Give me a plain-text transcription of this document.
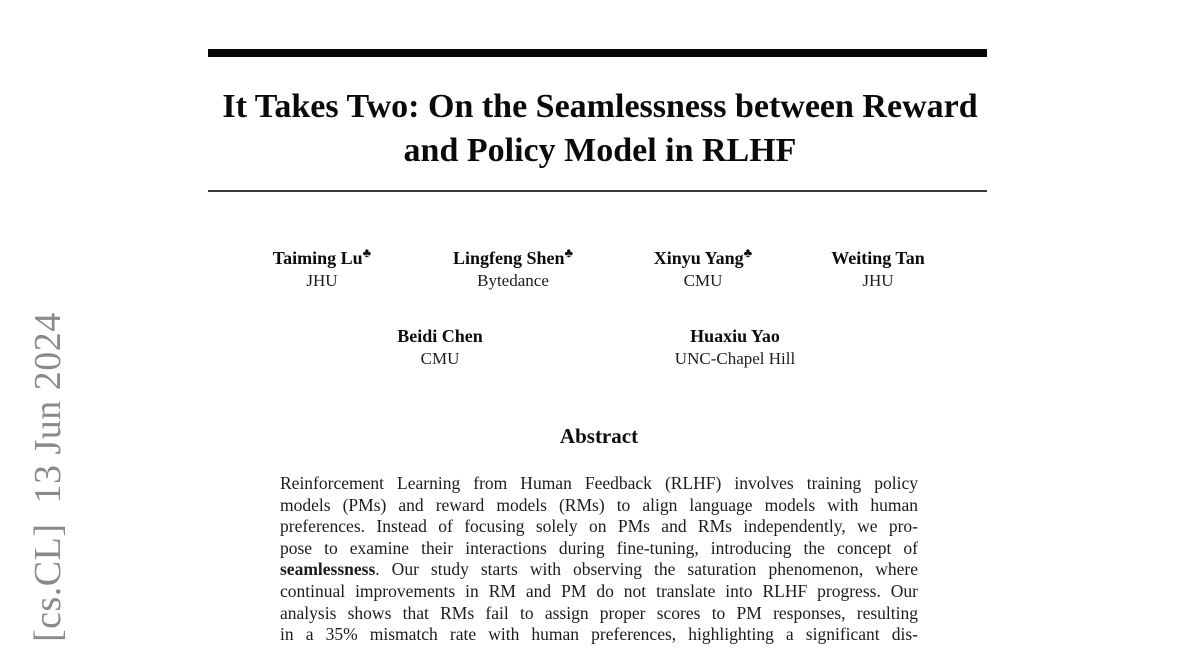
[cs.CL]  13 Jun 2024
It Takes Two: On the Seamlessness between Reward
and Policy Model in RLHF
Taiming Lu♣
JHU
Lingfeng Shen♣
Bytedance
Xinyu Yang♣
CMU
Weiting Tan
JHU
Beidi Chen
CMU
Huaxiu Yao
UNC-Chapel Hill
Abstract
Reinforcement Learning from Human Feedback (RLHF) involves training policy
models (PMs) and reward models (RMs) to align language models with human
preferences. Instead of focusing solely on PMs and RMs independently, we pro-
pose to examine their interactions during fine-tuning, introducing the concept of
seamlessness. Our study starts with observing the saturation phenomenon, where
continual improvements in RM and PM do not translate into RLHF progress. Our
analysis shows that RMs fail to assign proper scores to PM responses, resulting
in a 35% mismatch rate with human preferences, highlighting a significant dis-
